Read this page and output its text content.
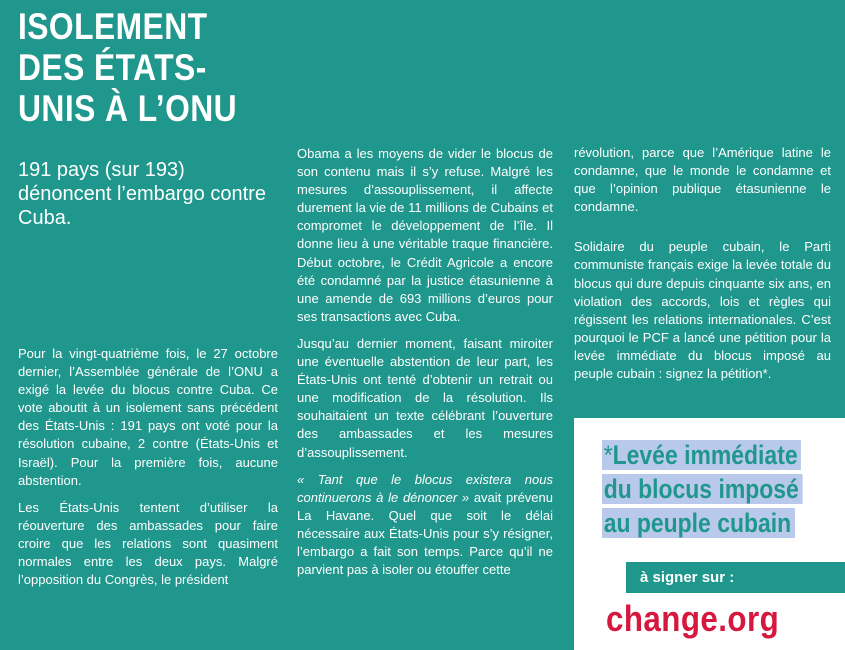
ISOLEMENT
DES ÉTATS-
UNIS À L’ONU

191 pays (sur 193) dénoncent l’embargo contre Cuba.

Pour la vingt-quatrième fois, le 27 octobre dernier, l’Assemblée générale de l’ONU a exigé la levée du blocus contre Cuba. Ce vote aboutit à un isolement sans précédent des États-Unis : 191 pays ont voté pour la résolution cubaine, 2 contre (États-Unis et Israël). Pour la première fois, aucune abstention.

Les États-Unis tentent d’utiliser la réouverture des ambassades pour faire croire que les relations sont quasiment normales entre les deux pays. Malgré l’opposition du Congrès, le président

Obama a les moyens de vider le blocus de son contenu mais il s’y refuse. Malgré les mesures d’assouplissement, il affecte durement la vie de 11 millions de Cubains et compromet le développement de l’île. Il donne lieu à une véritable traque financière. Début octobre, le Crédit Agricole a encore été condamné par la justice étasunienne à une amende de 693 millions d’euros pour ses transactions avec Cuba.

Jusqu’au dernier moment, faisant miroiter une éventuelle abstention de leur part, les États-Unis ont tenté d’obtenir un retrait ou une modification de la résolution. Ils souhaitaient un texte célébrant l’ouverture des ambassades et les mesures d’assouplissement.

« Tant que le blocus existera nous continuerons à le dénoncer » avait prévenu La Havane. Quel que soit le délai nécessaire aux États-Unis pour s’y résigner, l’embargo a fait son temps. Parce qu’il ne parvient pas à isoler ou étouffer cette

révolution, parce que l’Amérique latine le condamne, que le monde le condamne et que l’opinion publique étasunienne le condamne.

Solidaire du peuple cubain, le Parti communiste français exige la levée totale du blocus qui dure depuis cinquante six ans, en violation des accords, lois et règles qui régissent les relations internationales. C’est pourquoi le PCF a lancé une pétition pour la levée immédiate du blocus imposé au peuple cubain : signez la pétition*.

*Levée immédiate
du blocus imposé
au peuple cubain
à signer sur :
change.org
